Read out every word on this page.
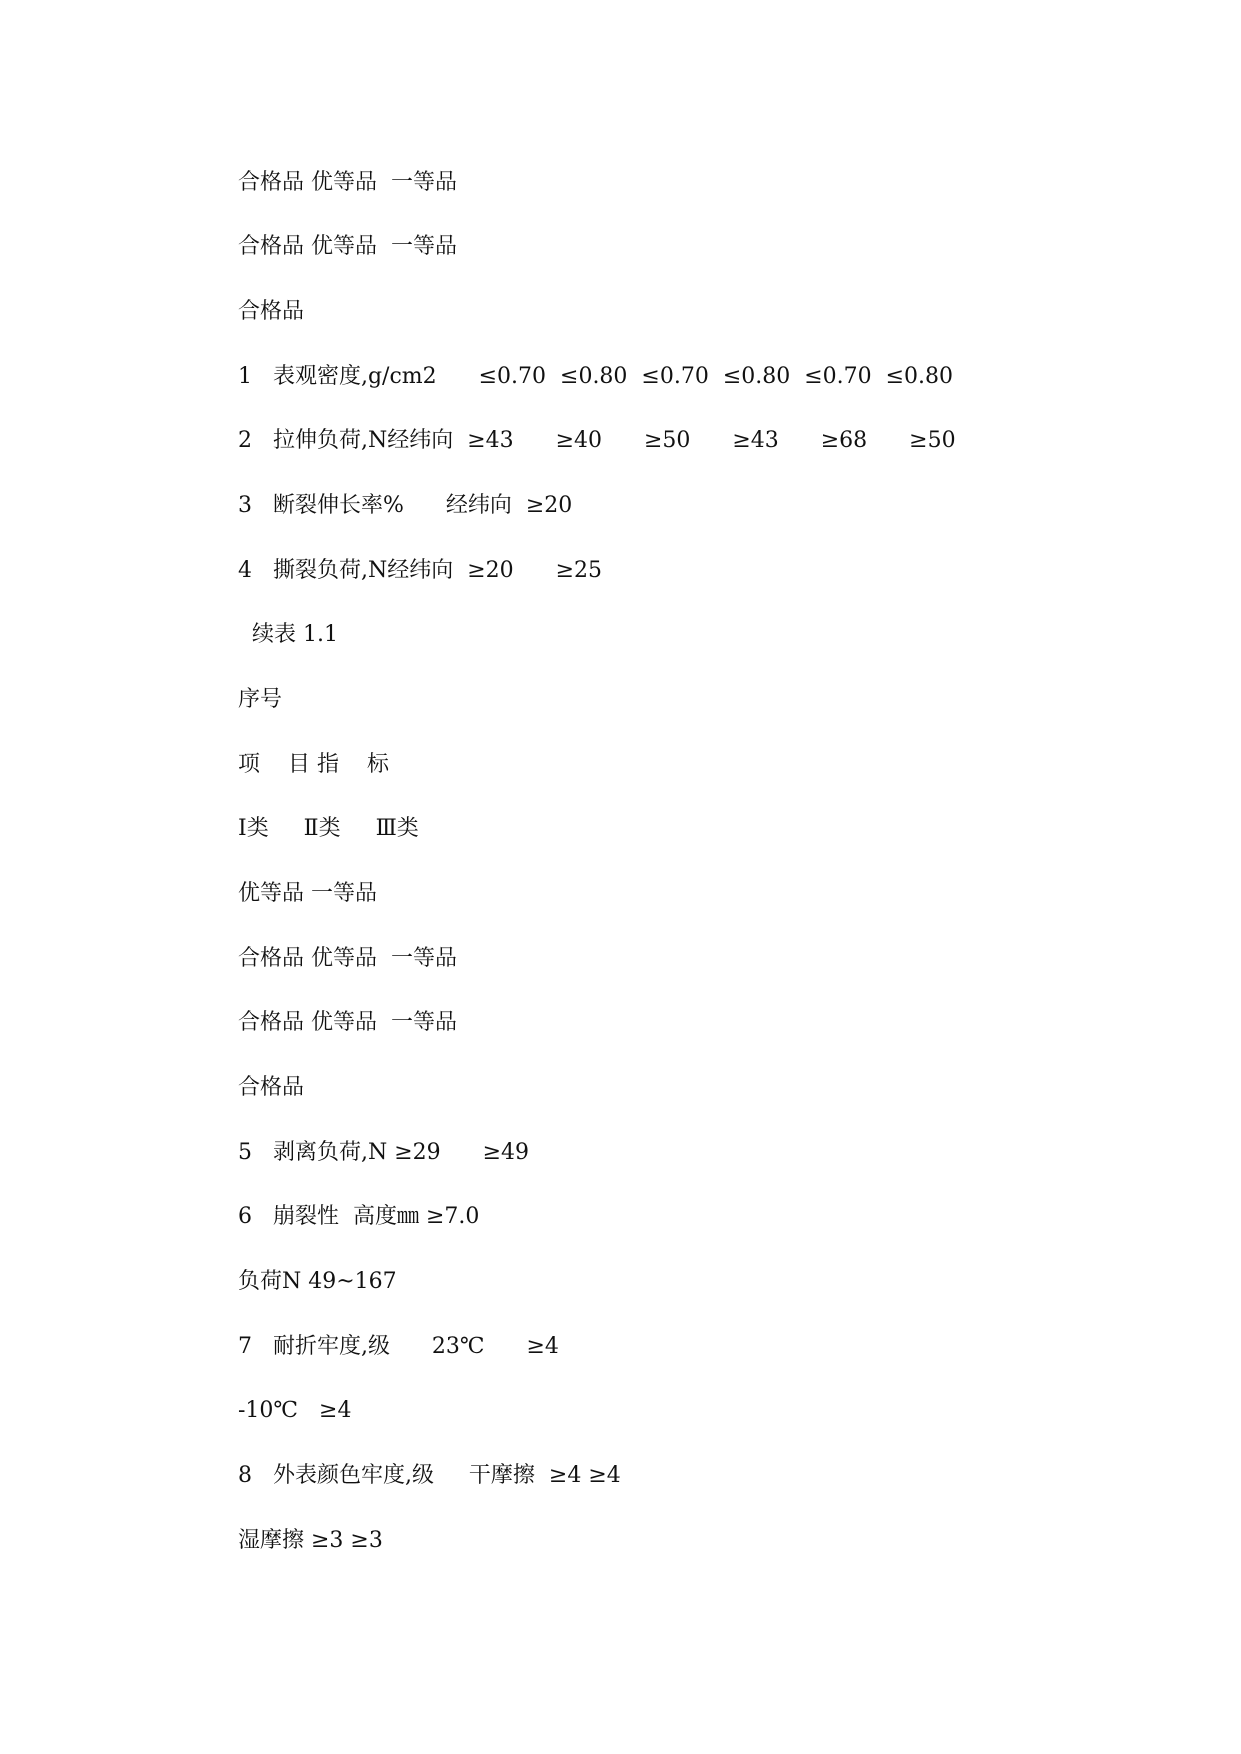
合格品 优等品  一等品

合格品 优等品  一等品

合格品

1   表观密度,g/cm2      ≤0.70  ≤0.80  ≤0.70  ≤0.80  ≤0.70  ≤0.80

2   拉伸负荷,N经纬向  ≥43      ≥40      ≥50      ≥43      ≥68      ≥50

3   断裂伸长率%      经纬向  ≥20

4   撕裂负荷,N经纬向  ≥20      ≥25

续表 1.1

序号

项    目 指    标

Ⅰ类     Ⅱ类     Ⅲ类

优等品 一等品

合格品 优等品  一等品

合格品 优等品  一等品

合格品

5   剥离负荷,N ≥29      ≥49

6   崩裂性  高度㎜ ≥7.0

负荷N 49~167

7   耐折牢度,级      23℃      ≥4

-10℃   ≥4

8   外表颜色牢度,级     干摩擦  ≥4 ≥4

湿摩擦 ≥3 ≥3
